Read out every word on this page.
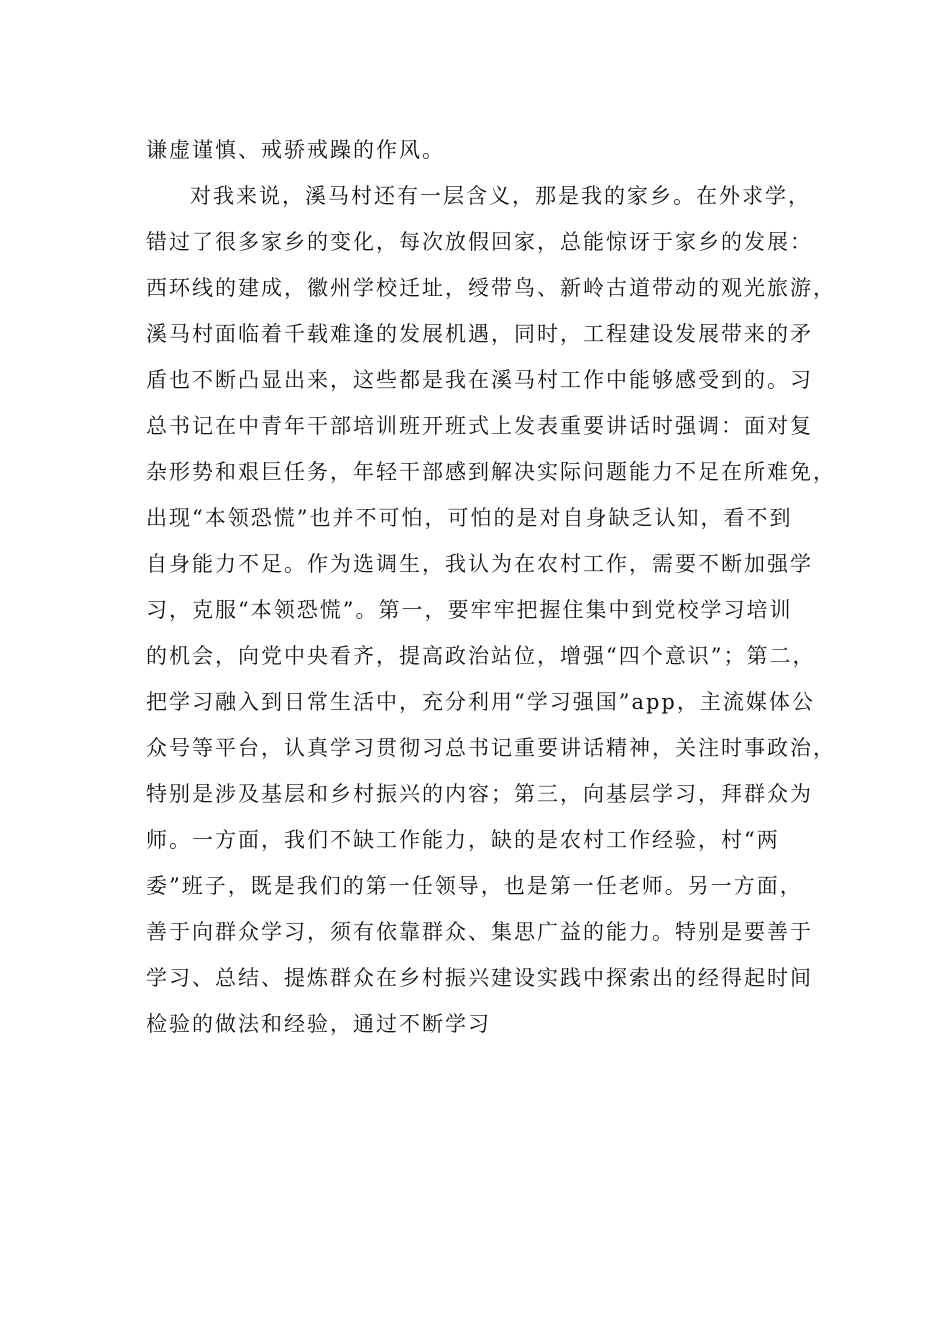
谦虚谨慎、戒骄戒躁的作风。
对我来说，溪马村还有一层含义，那是我的家乡。在外求学，
错过了很多家乡的变化，每次放假回家，总能惊讶于家乡的发展：
西环线的建成，徽州学校迁址，绶带鸟、新岭古道带动的观光旅游，
溪马村面临着千载难逢的发展机遇，同时，工程建设发展带来的矛
盾也不断凸显出来，这些都是我在溪马村工作中能够感受到的。习
总书记在中青年干部培训班开班式上发表重要讲话时强调：面对复
杂形势和艰巨任务，年轻干部感到解决实际问题能力不足在所难免，
出现“本领恐慌”也并不可怕，可怕的是对自身缺乏认知，看不到
自身能力不足。作为选调生，我认为在农村工作，需要不断加强学
习，克服“本领恐慌”。第一，要牢牢把握住集中到党校学习培训
的机会，向党中央看齐，提高政治站位，增强“四个意识”；第二，
把学习融入到日常生活中，充分利用“学习强国”app，主流媒体公
众号等平台，认真学习贯彻习总书记重要讲话精神，关注时事政治，
特别是涉及基层和乡村振兴的内容；第三，向基层学习，拜群众为
师。一方面，我们不缺工作能力，缺的是农村工作经验，村“两
委”班子，既是我们的第一任领导，也是第一任老师。另一方面，
善于向群众学习，须有依靠群众、集思广益的能力。特别是要善于
学习、总结、提炼群众在乡村振兴建设实践中探索出的经得起时间
检验的做法和经验，通过不断学习
